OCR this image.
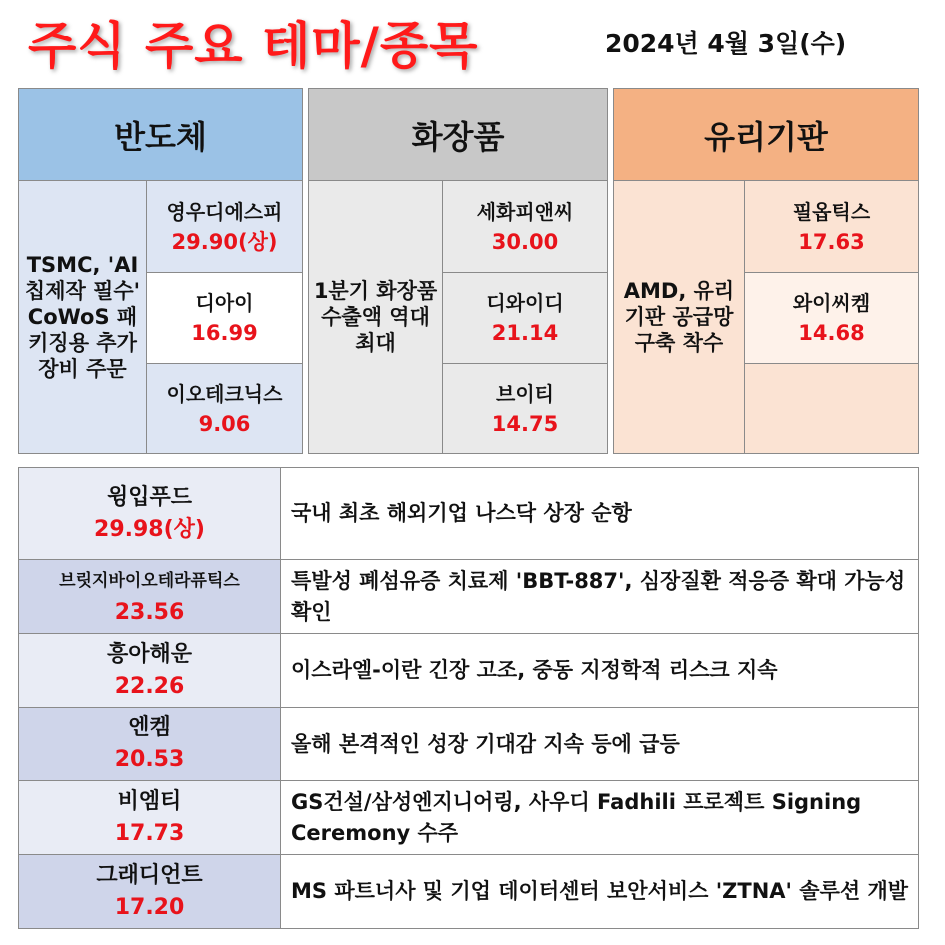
주식 주요 테마/종목	2024년 4월 3일(수)
반도체
TSMC, 'AI 칩제작 필수' CoWoS 패키징용 추가 장비 주문
영우디에스피
29.90(상)
디아이
16.99
이오테크닉스
9.06
화장품
1분기 화장품 수출액 역대 최대
세화피앤씨
30.00
디와이디
21.14
브이티
14.75
유리기판
AMD, 유리기판 공급망 구축 착수
필옵틱스
17.63
와이씨켐
14.68
윙입푸드
29.98(상)
국내 최초 해외기업 나스닥 상장 순항
브릿지바이오테라퓨틱스
23.56
특발성 폐섬유증 치료제 'BBT-887', 심장질환 적응증 확대 가능성 확인
흥아해운
22.26
이스라엘-이란 긴장 고조, 중동 지정학적 리스크 지속
엔켐
20.53
올해 본격적인 성장 기대감 지속 등에 급등
비엠티
17.73
GS건설/삼성엔지니어링, 사우디 Fadhili 프로젝트 Signing Ceremony 수주
그래디언트
17.20
MS 파트너사 및 기업 데이터센터 보안서비스 'ZTNA' 솔루션 개발
